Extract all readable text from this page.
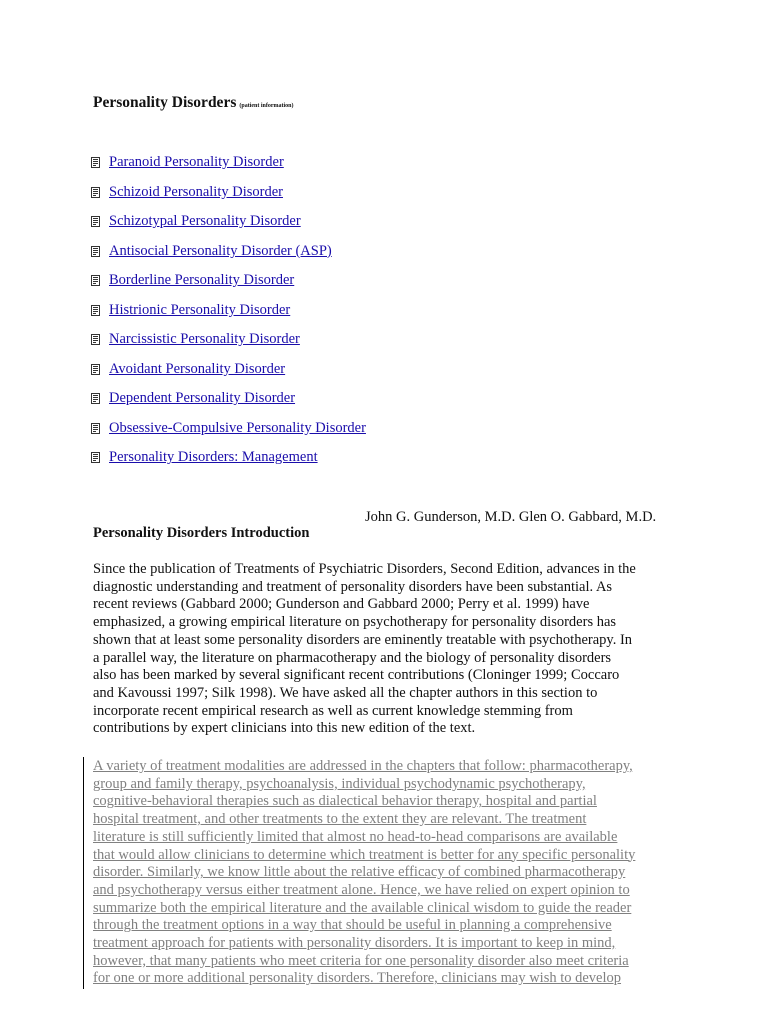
Personality Disorders (patient information)
Paranoid Personality Disorder
Schizoid Personality Disorder
Schizotypal Personality Disorder
Antisocial Personality Disorder (ASP)
Borderline Personality Disorder
Histrionic Personality Disorder
Narcissistic Personality Disorder
Avoidant Personality Disorder
Dependent Personality Disorder
Obsessive-Compulsive Personality Disorder
Personality Disorders: Management
John G. Gunderson, M.D. Glen O. Gabbard, M.D.
Personality Disorders Introduction
Since the publication of Treatments of Psychiatric Disorders, Second Edition, advances in the
diagnostic understanding and treatment of personality disorders have been substantial. As
recent reviews (Gabbard 2000; Gunderson and Gabbard 2000; Perry et al. 1999) have
emphasized, a growing empirical literature on psychotherapy for personality disorders has
shown that at least some personality disorders are eminently treatable with psychotherapy. In
a parallel way, the literature on pharmacotherapy and the biology of personality disorders
also has been marked by several significant recent contributions (Cloninger 1999; Coccaro
and Kavoussi 1997; Silk 1998). We have asked all the chapter authors in this section to
incorporate recent empirical research as well as current knowledge stemming from
contributions by expert clinicians into this new edition of the text.
A variety of treatment modalities are addressed in the chapters that follow: pharmacotherapy,
group and family therapy, psychoanalysis, individual psychodynamic psychotherapy,
cognitive-behavioral therapies such as dialectical behavior therapy, hospital and partial
hospital treatment, and other treatments to the extent they are relevant. The treatment
literature is still sufficiently limited that almost no head-to-head comparisons are available
that would allow clinicians to determine which treatment is better for any specific personality
disorder. Similarly, we know little about the relative efficacy of combined pharmacotherapy
and psychotherapy versus either treatment alone. Hence, we have relied on expert opinion to
summarize both the empirical literature and the available clinical wisdom to guide the reader
through the treatment options in a way that should be useful in planning a comprehensive
treatment approach for patients with personality disorders. It is important to keep in mind,
however, that many patients who meet criteria for one personality disorder also meet criteria
for one or more additional personality disorders. Therefore, clinicians may wish to develop
